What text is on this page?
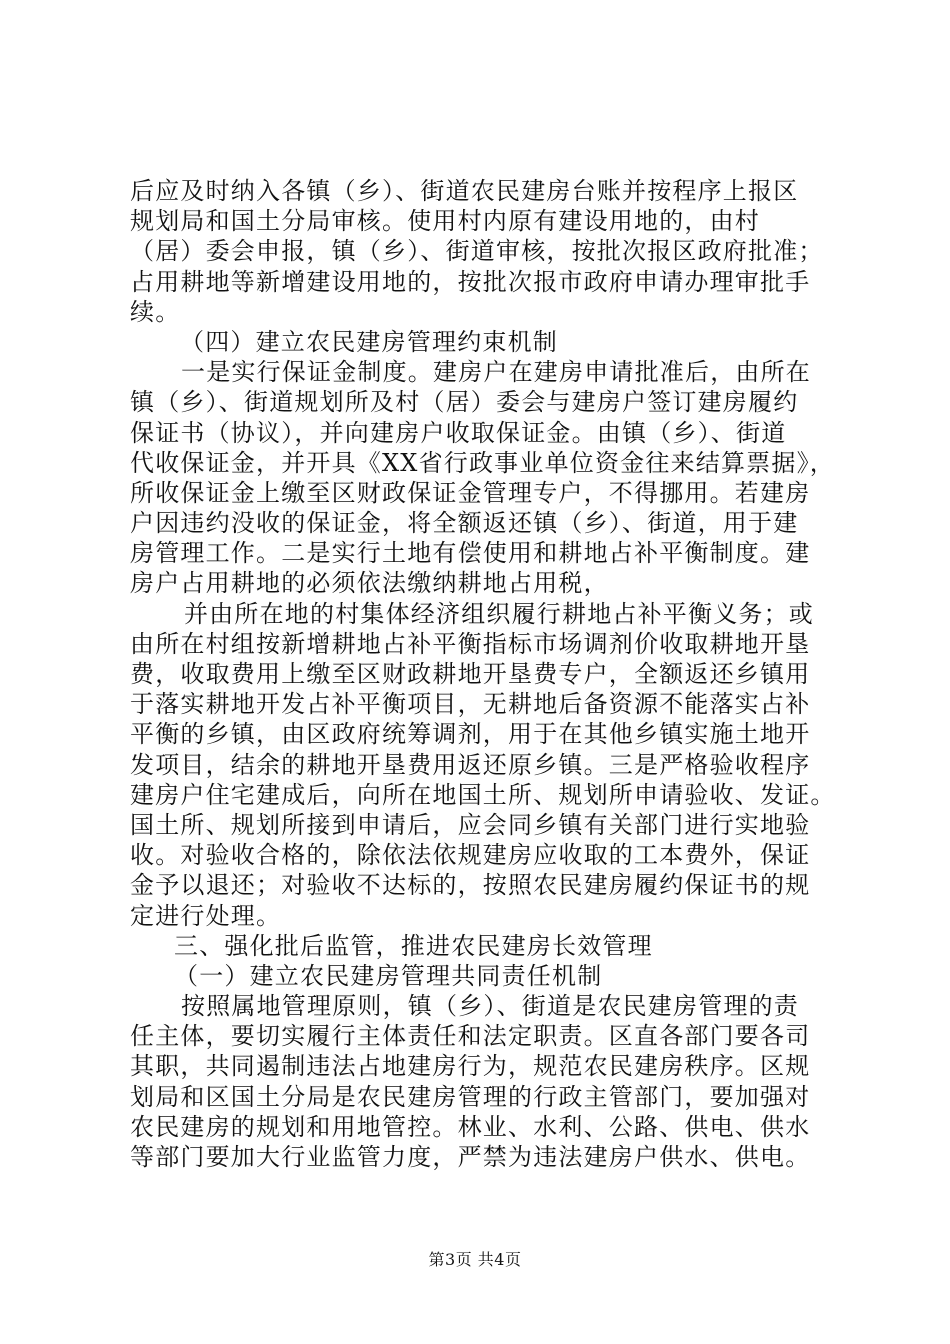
后应及时纳入各镇（乡）、街道农民建房台账并按程序上报区
规划局和国土分局审核。使用村内原有建设用地的，由村
（居）委会申报，镇（乡）、街道审核，按批次报区政府批准；
占用耕地等新增建设用地的，按批次报市政府申请办理审批手
续。
（四）建立农民建房管理约束机制
一是实行保证金制度。建房户在建房申请批准后，由所在
镇（乡）、街道规划所及村（居）委会与建房户签订建房履约
保证书（协议），并向建房户收取保证金。由镇（乡）、街道
代收保证金，并开具《XX省行政事业单位资金往来结算票据》，
所收保证金上缴至区财政保证金管理专户，不得挪用。若建房
户因违约没收的保证金，将全额返还镇（乡）、街道，用于建
房管理工作。二是实行土地有偿使用和耕地占补平衡制度。建
房户占用耕地的必须依法缴纳耕地占用税，
并由所在地的村集体经济组织履行耕地占补平衡义务；或
由所在村组按新增耕地占补平衡指标市场调剂价收取耕地开垦
费，收取费用上缴至区财政耕地开垦费专户，全额返还乡镇用
于落实耕地开发占补平衡项目，无耕地后备资源不能落实占补
平衡的乡镇，由区政府统筹调剂，用于在其他乡镇实施土地开
发项目，结余的耕地开垦费用返还原乡镇。三是严格验收程序
建房户住宅建成后，向所在地国土所、规划所申请验收、发证。
国土所、规划所接到申请后，应会同乡镇有关部门进行实地验
收。对验收合格的，除依法依规建房应收取的工本费外，保证
金予以退还；对验收不达标的，按照农民建房履约保证书的规
定进行处理。
三、强化批后监管，推进农民建房长效管理
（一）建立农民建房管理共同责任机制
按照属地管理原则，镇（乡）、街道是农民建房管理的责
任主体，要切实履行主体责任和法定职责。区直各部门要各司
其职，共同遏制违法占地建房行为，规范农民建房秩序。区规
划局和区国土分局是农民建房管理的行政主管部门，要加强对
农民建房的规划和用地管控。林业、水利、公路、供电、供水
等部门要加大行业监管力度，严禁为违法建房户供水、供电。
第3页 共4页
